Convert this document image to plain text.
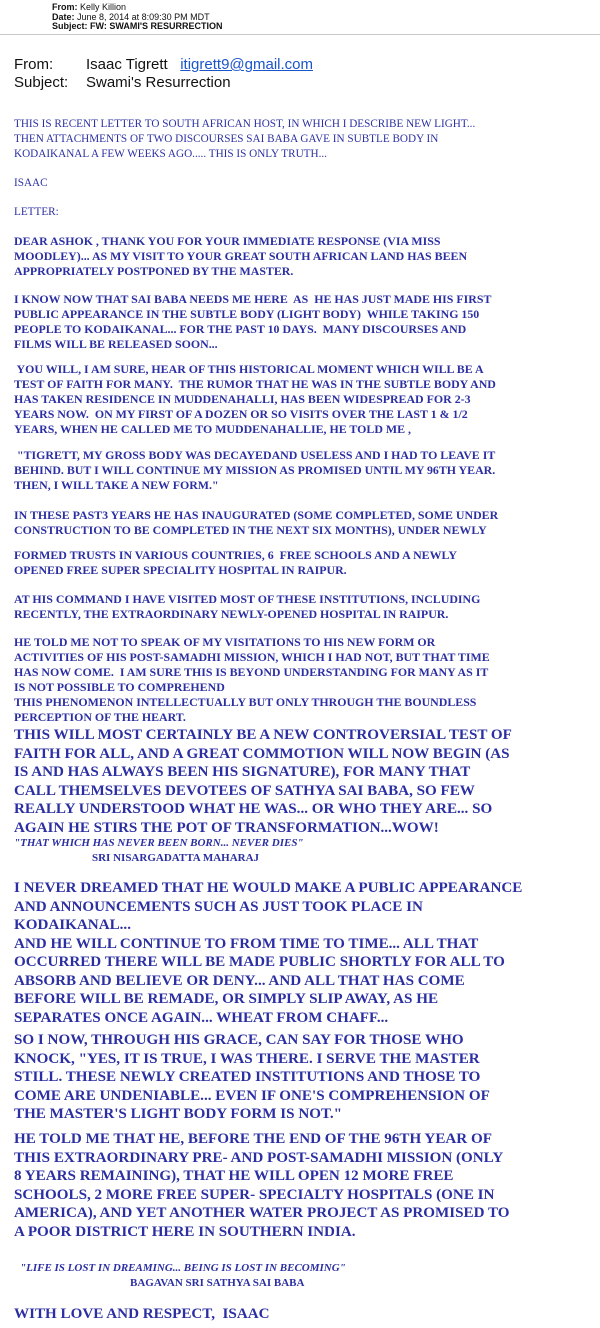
From: Kelly Killion
Date: June 8, 2014 at 8:09:30 PM MDT
Subject: FW: SWAMI'S RESURRECTION
From: Isaac Tigrett itigrett9@gmail.com
Subject: Swami's Resurrection
THIS IS RECENT LETTER TO SOUTH AFRICAN HOST, IN WHICH I DESCRIBE NEW LIGHT...
THEN ATTACHMENTS OF TWO DISCOURSES SAI BABA GAVE IN SUBTLE BODY IN
KODAIKANAL A FEW WEEKS AGO..... THIS IS ONLY TRUTH...
ISAAC
LETTER:
DEAR ASHOK , THANK YOU FOR YOUR IMMEDIATE RESPONSE (VIA MISS
MOODLEY)... AS MY VISIT TO YOUR GREAT SOUTH AFRICAN LAND HAS BEEN
APPROPRIATELY POSTPONED BY THE MASTER.
I KNOW NOW THAT SAI BABA NEEDS ME HERE  AS  HE HAS JUST MADE HIS FIRST
PUBLIC APPEARANCE IN THE SUBTLE BODY (LIGHT BODY)  WHILE TAKING 150
PEOPLE TO KODAIKANAL... FOR THE PAST 10 DAYS.  MANY DISCOURSES AND
FILMS WILL BE RELEASED SOON...
YOU WILL, I AM SURE, HEAR OF THIS HISTORICAL MOMENT WHICH WILL BE A
TEST OF FAITH FOR MANY.  THE RUMOR THAT HE WAS IN THE SUBTLE BODY AND
HAS TAKEN RESIDENCE IN MUDDENAHALLI, HAS BEEN WIDESPREAD FOR 2-3
YEARS NOW.  ON MY FIRST OF A DOZEN OR SO VISITS OVER THE LAST 1 & 1/2
YEARS, WHEN HE CALLED ME TO MUDDENAHALLIE, HE TOLD ME ,
"TIGRETT, MY GROSS BODY WAS DECAYEDAND USELESS AND I HAD TO LEAVE IT
BEHIND. BUT I WILL CONTINUE MY MISSION AS PROMISED UNTIL MY 96TH YEAR.
THEN, I WILL TAKE A NEW FORM."
IN THESE PAST3 YEARS HE HAS INAUGURATED (SOME COMPLETED, SOME UNDER
CONSTRUCTION TO BE COMPLETED IN THE NEXT SIX MONTHS), UNDER NEWLY
FORMED TRUSTS IN VARIOUS COUNTRIES, 6  FREE SCHOOLS AND A NEWLY
OPENED FREE SUPER SPECIALITY HOSPITAL IN RAIPUR.
AT HIS COMMAND I HAVE VISITED MOST OF THESE INSTITUTIONS, INCLUDING
RECENTLY, THE EXTRAORDINARY NEWLY-OPENED HOSPITAL IN RAIPUR.
HE TOLD ME NOT TO SPEAK OF MY VISITATIONS TO HIS NEW FORM OR
ACTIVITIES OF HIS POST-SAMADHI MISSION, WHICH I HAD NOT, BUT THAT TIME
HAS NOW COME.  I AM SURE THIS IS BEYOND UNDERSTANDING FOR MANY AS IT
IS NOT POSSIBLE TO COMPREHEND
THIS PHENOMENON INTELLECTUALLY BUT ONLY THROUGH THE BOUNDLESS
PERCEPTION OF THE HEART.
THIS WILL MOST CERTAINLY BE A NEW CONTROVERSIAL TEST OF
FAITH FOR ALL, AND A GREAT COMMOTION WILL NOW BEGIN (AS
IS AND HAS ALWAYS BEEN HIS SIGNATURE), FOR MANY THAT
CALL THEMSELVES DEVOTEES OF SATHYA SAI BABA, SO FEW
REALLY UNDERSTOOD WHAT HE WAS... OR WHO THEY ARE... SO
AGAIN HE STIRS THE POT OF TRANSFORMATION...WOW!
"THAT WHICH HAS NEVER BEEN BORN... NEVER DIES"
SRI NISARGADATTA MAHARAJ
I NEVER DREAMED THAT HE WOULD MAKE A PUBLIC APPEARANCE
AND ANNOUNCEMENTS SUCH AS JUST TOOK PLACE IN
KODAIKANAL...
AND HE WILL CONTINUE TO FROM TIME TO TIME... ALL THAT
OCCURRED THERE WILL BE MADE PUBLIC SHORTLY FOR ALL TO
ABSORB AND BELIEVE OR DENY... AND ALL THAT HAS COME
BEFORE WILL BE REMADE, OR SIMPLY SLIP AWAY, AS HE
SEPARATES ONCE AGAIN... WHEAT FROM CHAFF...
SO I NOW, THROUGH HIS GRACE, CAN SAY FOR THOSE WHO
KNOCK, "YES, IT IS TRUE, I WAS THERE. I SERVE THE MASTER
STILL. THESE NEWLY CREATED INSTITUTIONS AND THOSE TO
COME ARE UNDENIABLE... EVEN IF ONE'S COMPREHENSION OF
THE MASTER'S LIGHT BODY FORM IS NOT."
HE TOLD ME THAT HE, BEFORE THE END OF THE 96TH YEAR OF
THIS EXTRAORDINARY PRE- AND POST-SAMADHI MISSION (ONLY
8 YEARS REMAINING), THAT HE WILL OPEN 12 MORE FREE
SCHOOLS, 2 MORE FREE SUPER- SPECIALTY HOSPITALS (ONE IN
AMERICA), AND YET ANOTHER WATER PROJECT AS PROMISED TO
A POOR DISTRICT HERE IN SOUTHERN INDIA.
"LIFE IS LOST IN DREAMING... BEING IS LOST IN BECOMING"
BAGAVAN SRI SATHYA SAI BABA
WITH LOVE AND RESPECT,  ISAAC
